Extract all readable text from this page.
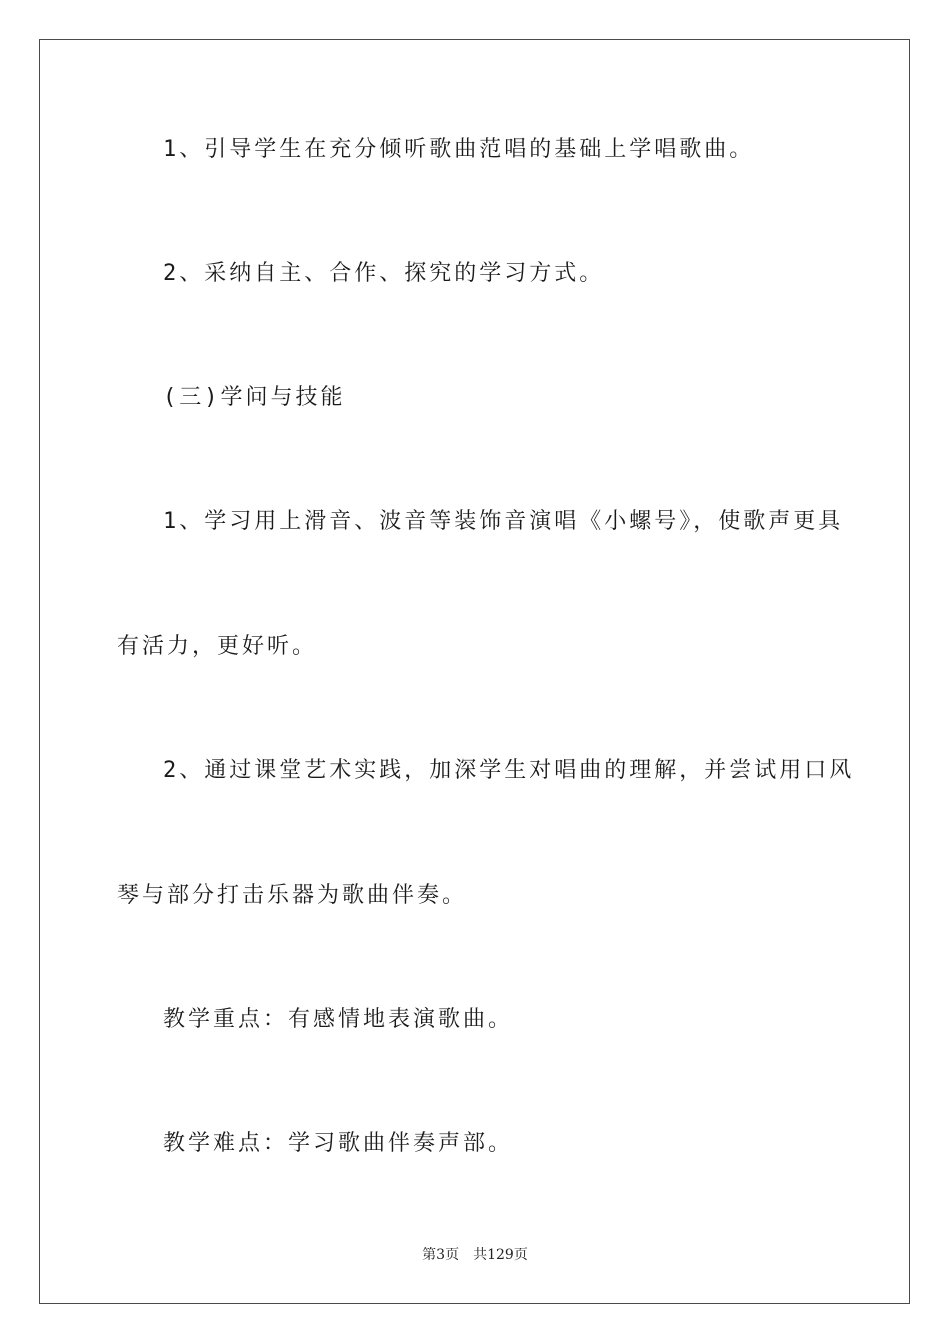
1、引导学生在充分倾听歌曲范唱的基础上学唱歌曲。
2、采纳自主、合作、探究的学习方式。
(三)学问与技能
1、学习用上滑音、波音等装饰音演唱《小螺号》，使歌声更具
有活力，更好听。
2、通过课堂艺术实践，加深学生对唱曲的理解，并尝试用口风
琴与部分打击乐器为歌曲伴奏。
教学重点：有感情地表演歌曲。
教学难点：学习歌曲伴奏声部。
第3页 共129页
